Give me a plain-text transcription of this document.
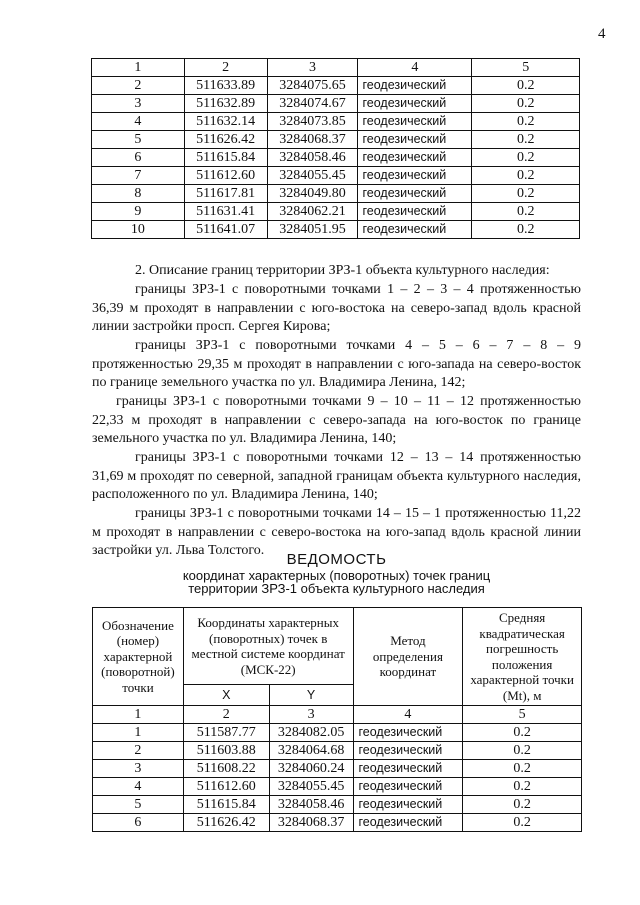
4
1	2	3	4	5
2	511633.89	3284075.65	геодезический	0.2
3	511632.89	3284074.67	геодезический	0.2
4	511632.14	3284073.85	геодезический	0.2
5	511626.42	3284068.37	геодезический	0.2
6	511615.84	3284058.46	геодезический	0.2
7	511612.60	3284055.45	геодезический	0.2
8	511617.81	3284049.80	геодезический	0.2
9	511631.41	3284062.21	геодезический	0.2
10	511641.07	3284051.95	геодезический	0.2
2. Описание границ территории ЗРЗ-1 объекта культурного наследия:
границы ЗРЗ-1 с поворотными точками 1 – 2 – 3 – 4 протяженностью 36,39 м проходят в направлении с юго-востока на северо-запад вдоль красной линии застройки просп. Сергея Кирова;
границы ЗРЗ-1 с поворотными точками 4 – 5 – 6 – 7 – 8 – 9 протяженностью 29,35 м проходят в направлении с юго-запада на северо-восток по границе земельного участка по ул. Владимира Ленина, 142;
границы ЗРЗ-1 с поворотными точками 9 – 10 – 11 – 12 протяженностью 22,33 м проходят в направлении с северо-запада на юго-восток по границе земельного участка по ул. Владимира Ленина, 140;
границы ЗРЗ-1 с поворотными точками 12 – 13 – 14 протяженностью 31,69 м проходят по северной, западной границам объекта культурного наследия, расположенного по ул. Владимира Ленина, 140;
границы ЗРЗ-1 с поворотными точками 14 – 15 – 1 протяженностью 11,22 м проходят в направлении с северо-востока на юго-запад вдоль красной линии застройки ул. Льва Толстого.
ВЕДОМОСТЬ
координат характерных (поворотных) точек границ
территории ЗРЗ-1 объекта культурного наследия
Обозначение (номер) характерной (поворотной) точки	Координаты характерных (поворотных) точек в местной системе координат (МСК-22)		Метод определения координат	Средняя квадратическая погрешность положения характерной точки (Mt), м
	X	Y		
1	2	3	4	5
1	511587.77	3284082.05	геодезический	0.2
2	511603.88	3284064.68	геодезический	0.2
3	511608.22	3284060.24	геодезический	0.2
4	511612.60	3284055.45	геодезический	0.2
5	511615.84	3284058.46	геодезический	0.2
6	511626.42	3284068.37	геодезический	0.2
